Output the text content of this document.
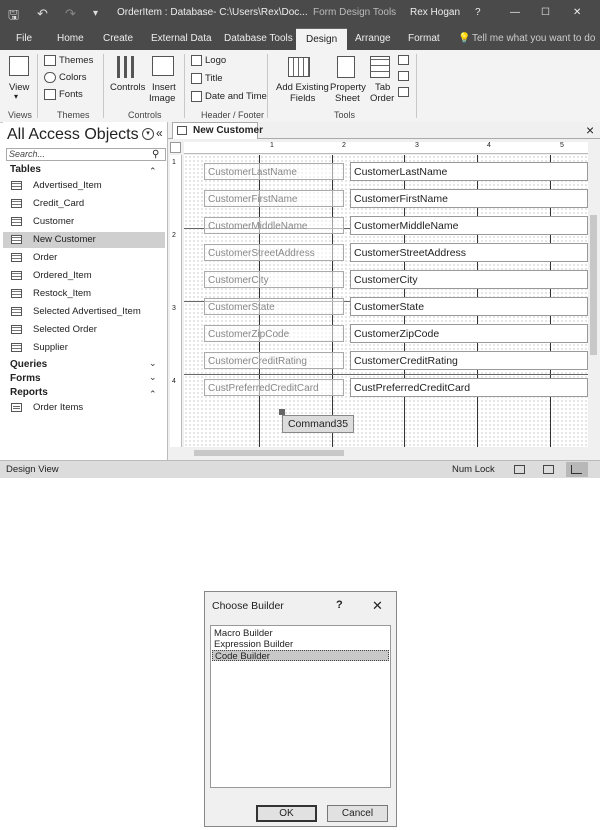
🖫 ↶ ↷ ▾ OrderItem : Database- C:\Users\Rex\Doc... Form Design Tools Rex Hogan ?	— ☐ ✕
File Home Create External Data Database Tools	Design	Arrange Format 💡 Tell me what you want to do
View
▾
Views
Themes
Colors
Fonts
Themes
Controls Insert
Image
Controls
Logo
Title
Date and Time
Header / Footer
Add Existing
Fields
Property
Sheet
Tab
Order
Tools
All Access Objects	▾ «
Search...	⚲
Tables	⌃
Advertised_Item
Credit_Card
Customer
New Customer
Order
Ordered_Item
Restock_Item
Selected Advertised_Item
Selected Order
Supplier
Queries	⌄
Forms	⌄
Reports	⌃
Order Items
New Customer	×
1	2	3	4	5
1
2
3
4
CustomerLastName	CustomerLastName
CustomerFirstName	CustomerFirstName
CustomerMiddleName	CustomerMiddleName
CustomerStreetAddress	CustomerStreetAddress
CustomerCity	CustomerCity
CustomerState	CustomerState
CustomerZipCode	CustomerZipCode
CustomerCreditRating	CustomerCreditRating
CustPreferredCreditCard	CustPreferredCreditCard
Command35
Design View	Num Lock
Choose Builder	? ✕
Macro Builder
Expression Builder
Code Builder
OK	Cancel
